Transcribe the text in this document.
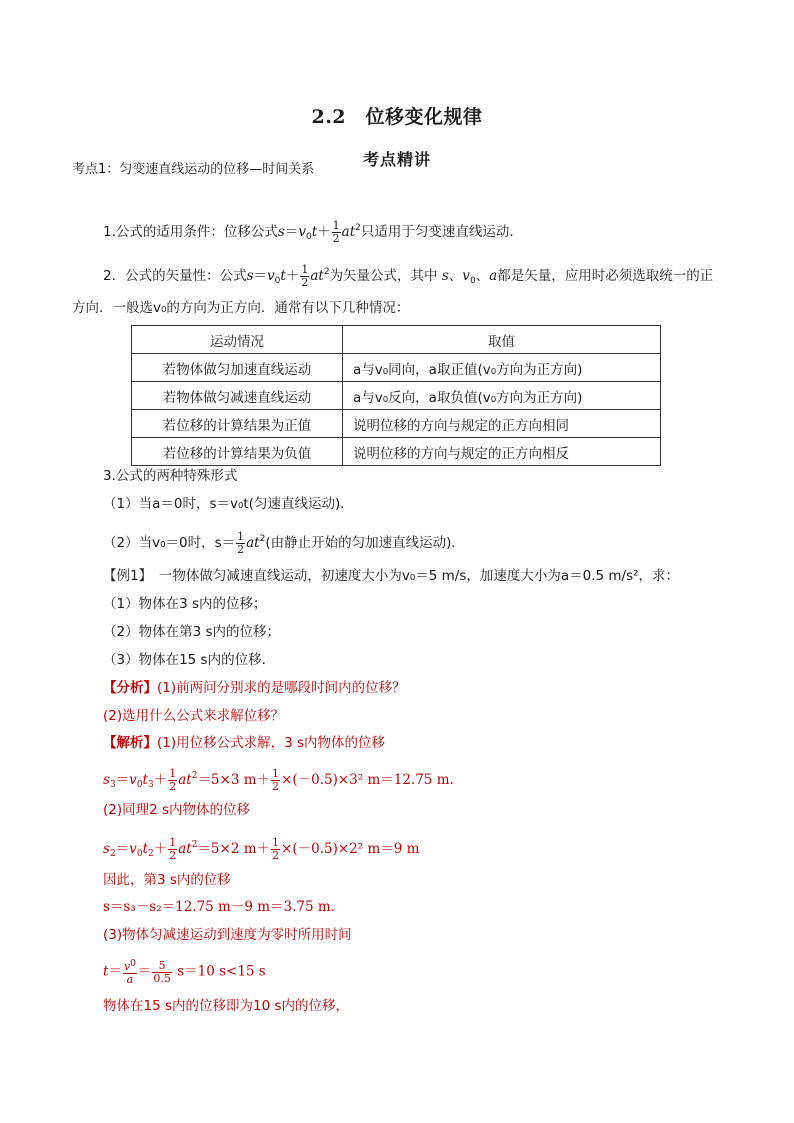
2.2　位移变化规律
考点精讲
考点1：匀变速直线运动的位移—时间关系
1.公式的适用条件：位移公式$s=v_0t+ \frac{1}{2} at^2$只适用于匀变速直线运动．
2．公式的矢量性：公式$s=v_0t+ \frac{1}{2} at^2$为矢量公式，其中 s、$v_0$、a都是矢量，应用时必须选取统一的正
方向．一般选v₀的方向为正方向．通常有以下几种情况：
运动情况	取值
若物体做匀加速直线运动	a与v₀同向，a取正值(v₀方向为正方向)
若物体做匀减速直线运动	a与v₀反向，a取负值(v₀方向为正方向)
若位移的计算结果为正值	说明位移的方向与规定的正方向相同
若位移的计算结果为负值	说明位移的方向与规定的正方向相反
3.公式的两种特殊形式
（1）当a＝0时，s＝v₀t(匀速直线运动)．
（2）当v₀＝0时，$s= \frac{1}{2} at^2$(由静止开始的匀加速直线运动)．
【例1】　 一物体做匀减速直线运动，初速度大小为v₀＝5 m/s，加速度大小为a＝0.5 m/s²，求：
（1）物体在3 s内的位移；
（2）物体在第3 s内的位移；
（3）物体在15 s内的位移．
【分析】(1)前两问分别求的是哪段时间内的位移？
(2)选用什么公式来求解位移？
【解析】(1)用位移公式求解，3 s内物体的位移
$s_3=v_0t_3+ \frac{1}{2} at^2=5\times 3$ $m+ \frac{1}{2} \times(-0.5)\times 3^2$ m＝12.75 m.
(2)同理2 s内物体的位移
$s_2=v_0t_2+ \frac{1}{2} at^2=5\times 2$ $m+ \frac{1}{2} \times(-0.5)\times 2^2$ m＝9 m
因此，第3 s内的位移
s＝s₃－s₂＝12.75 m－9 m＝3.75 m.
(3)物体匀减速运动到速度为零时所用时间
$t= \frac{v^0}{a} = \frac{5}{0.5} s=10$ s<15 s
物体在15 s内的位移即为10 s内的位移，
